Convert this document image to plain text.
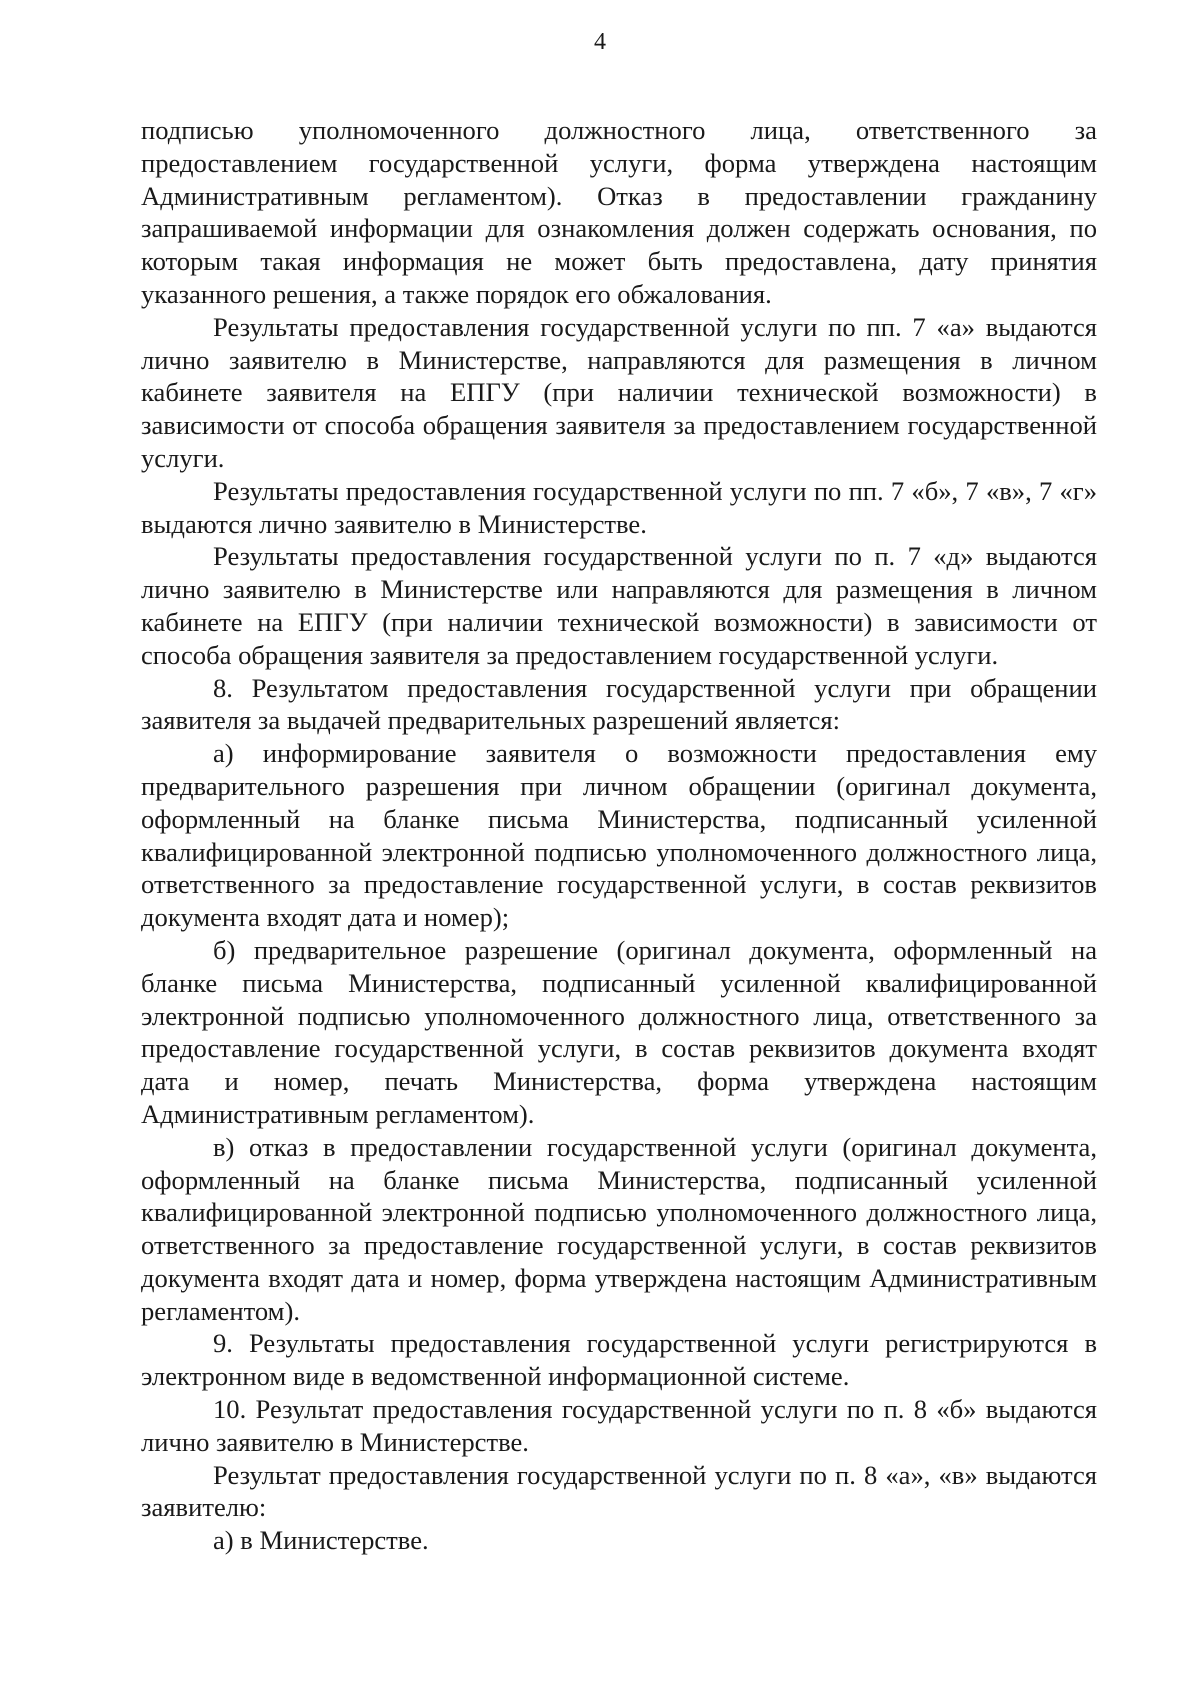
4

подписью уполномоченного должностного лица, ответственного за предоставлением государственной услуги, форма утверждена настоящим Административным регламентом). Отказ в предоставлении гражданину запрашиваемой информации для ознакомления должен содержать основания, по которым такая информация не может быть предоставлена, дату принятия указанного решения, а также порядок его обжалования.

Результаты предоставления государственной услуги по пп. 7 «а» выдаются лично заявителю в Министерстве, направляются для размещения в личном кабинете заявителя на ЕПГУ (при наличии технической возможности) в зависимости от способа обращения заявителя за предоставлением государственной услуги.

Результаты предоставления государственной услуги по пп. 7 «б», 7 «в», 7 «г» выдаются лично заявителю в Министерстве.

Результаты предоставления государственной услуги по п. 7 «д» выдаются лично заявителю в Министерстве или направляются для размещения в личном кабинете на ЕПГУ (при наличии технической возможности) в зависимости от способа обращения заявителя за предоставлением государственной услуги.

8. Результатом предоставления государственной услуги при обращении заявителя за выдачей предварительных разрешений является:

а) информирование заявителя о возможности предоставления ему предварительного разрешения при личном обращении (оригинал документа, оформленный на бланке письма Министерства, подписанный усиленной квалифицированной электронной подписью уполномоченного должностного лица, ответственного за предоставление государственной услуги, в состав реквизитов документа входят дата и номер);

б) предварительное разрешение (оригинал документа, оформленный на бланке письма Министерства, подписанный усиленной квалифицированной электронной подписью уполномоченного должностного лица, ответственного за предоставление государственной услуги, в состав реквизитов документа входят дата и номер, печать Министерства, форма утверждена настоящим Административным регламентом).

в) отказ в предоставлении государственной услуги (оригинал документа, оформленный на бланке письма Министерства, подписанный усиленной квалифицированной электронной подписью уполномоченного должностного лица, ответственного за предоставление государственной услуги, в состав реквизитов документа входят дата и номер, форма утверждена настоящим Административным регламентом).

9. Результаты предоставления государственной услуги регистрируются в электронном виде в ведомственной информационной системе.

10. Результат предоставления государственной услуги по п. 8 «б» выдаются лично заявителю в Министерстве.

Результат предоставления государственной услуги по п. 8 «а», «в» выдаются заявителю:

а) в Министерстве.
